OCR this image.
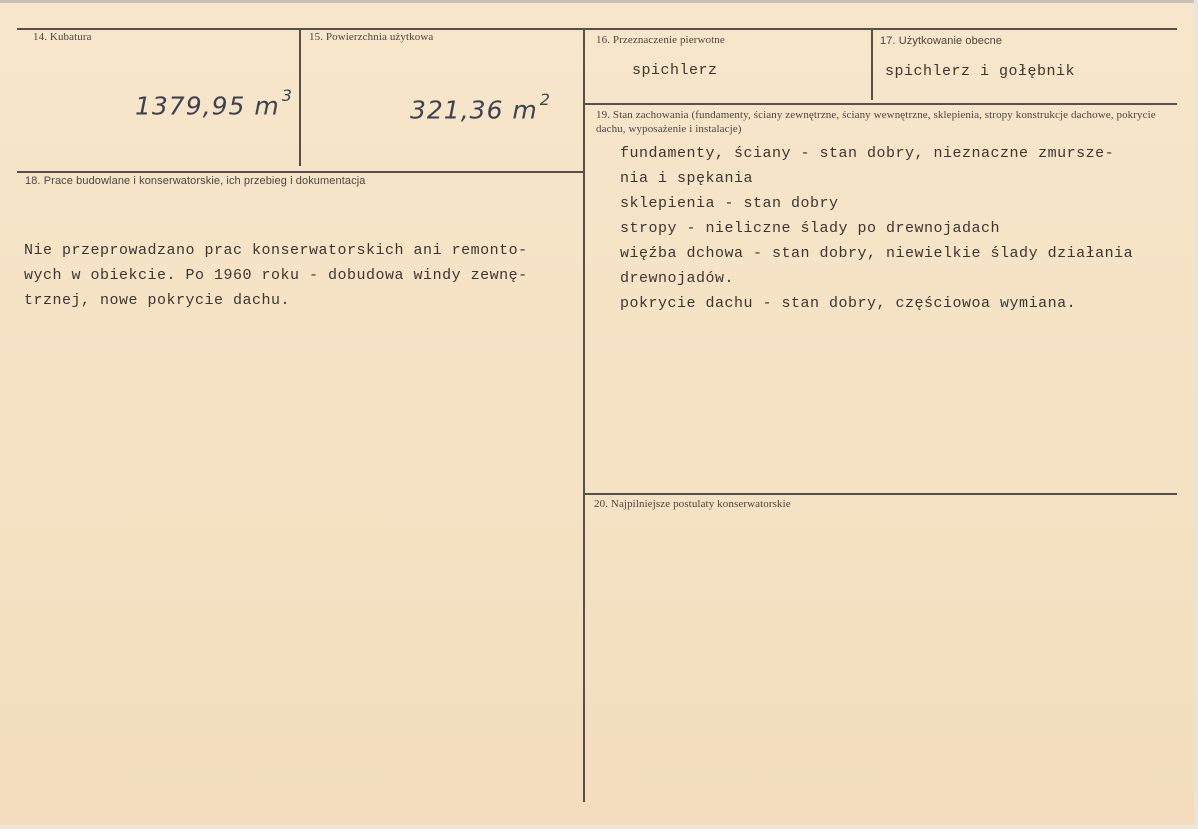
14. Kubatura
1379,95 m $^3$
15. Powierzchnia użytkowa
321,36 m $^2$
16. Przeznaczenie pierwotne
spichlerz
17. Użytkowanie obecne
spichlerz i gołębnik
18. Prace budowlane i konserwatorskie, ich przebieg i dokumentacja
Nie przeprowadzano prac konserwatorskich ani remonto-
wych w obiekcie. Po 1960 roku - dobudowa windy zewnę-
trznej, nowe pokrycie dachu.
19. Stan zachowania (fundamenty, ściany zewnętrzne, ściany wewnętrzne, sklepienia, stropy konstrukcje dachowe, pokrycie dachu, wyposażenie i instalacje)
fundamenty, ściany - stan dobry, nieznaczne zmursze-
nia i spękania
sklepienia - stan dobry
stropy - nieliczne ślady po drewnojadach
więźba dchowa - stan dobry, niewielkie ślady działania
drewnojadów.
pokrycie dachu - stan dobry, częściowoa wymiana.
20. Najpilniejsze postulaty konserwatorskie
